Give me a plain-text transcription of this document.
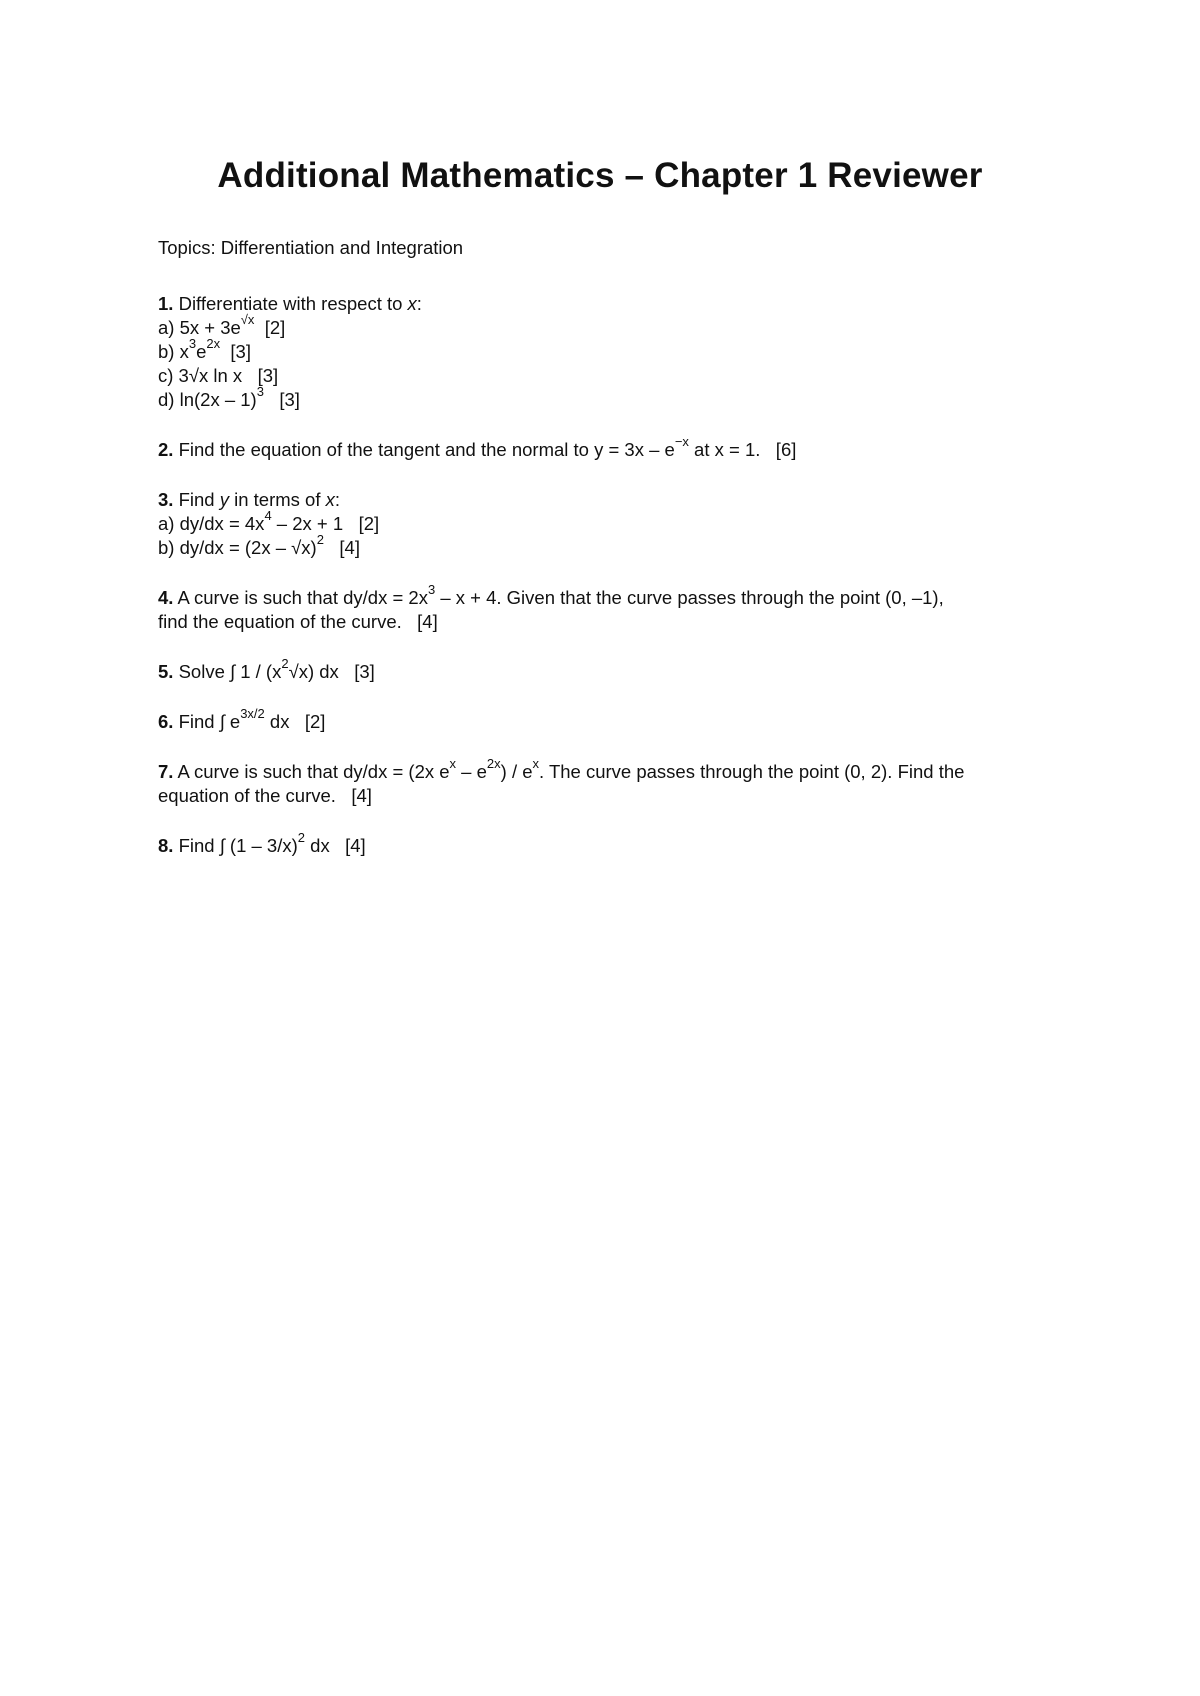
Additional Mathematics – Chapter 1 Reviewer
Topics: Differentiation and Integration
1. Differentiate with respect to x:
a) $5x + 3e^{√x}$  [2]
b) $x^3e^{2x}$  [3]
c) 3√x ln x   [3]
d) ln(2x – 1)$^3$   [3]
2. Find the equation of the tangent and the normal to $y = 3x - e^{-x}$ at x = 1.   [6]
3. Find y in terms of x:
a) $dy/dx = 4x^4 - 2x + 1$   [2]
b) dy/dx = (2x – √x)$^2$   [4]
4. A curve is such that $dy/dx = 2x^3 - x + 4$. Given that the curve passes through the point (0, –1),
find the equation of the curve.   [4]
5. Solve ∫ $1 / (x^2√x)$ dx   [3]
6. Find ∫ $e^{3x/2}$ dx   [2]
7. A curve is such that dy/dx = (2x $e^x - e^{2x}) / e^x$. The curve passes through the point (0, 2). Find the
equation of the curve.   [4]
8. Find ∫ (1 – 3/x)$^2$ dx   [4]
